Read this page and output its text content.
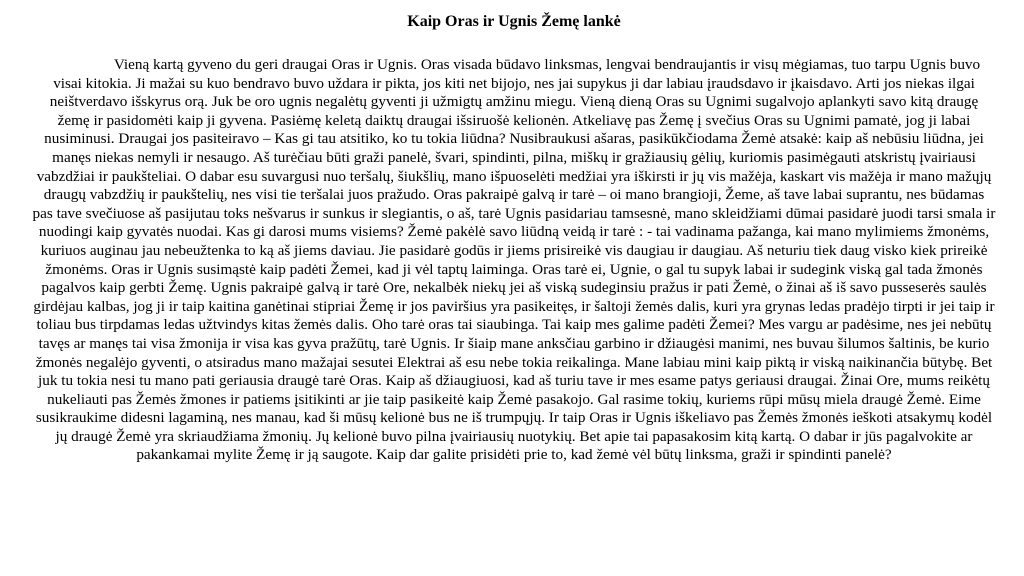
Kaip Oras ir Ugnis Žemę lankė

Vieną kartą gyveno du geri draugai Oras ir Ugnis. Oras visada būdavo linksmas, lengvai bendraujantis ir visų mėgiamas, tuo tarpu Ugnis buvo visai kitokia. Ji mažai su kuo bendravo buvo uždara ir pikta, jos kiti net bijojo, nes jai supykus ji dar labiau įraudsdavo ir įkaisdavo. Arti jos niekas ilgai neištverdavo išskyrus orą. Juk be oro ugnis negalėtų gyventi ji užmigtų amžinu miegu. Vieną dieną Oras su Ugnimi sugalvojo aplankyti savo kitą draugę žemę ir pasidomėti kaip ji gyvena. Pasiėmę keletą daiktų draugai išsiruošė kelionėn. Atkeliavę pas Žemę į svečius Oras su Ugnimi pamatė, jog ji labai nusiminusi. Draugai jos pasiteiravo – Kas gi tau atsitiko, ko tu tokia liūdna? Nusibraukusi ašaras, pasikūkčiodama Žemė atsakė: kaip aš nebūsiu liūdna, jei manęs niekas nemyli ir nesaugo. Aš turėčiau būti graži panelė, švari, spindinti, pilna, miškų ir gražiausių gėlių, kuriomis pasimėgauti atskristų įvairiausi vabzdžiai ir paukšteliai. O dabar esu suvargusi nuo teršalų, šiukšlių, mano išpuoselėti medžiai yra iškirsti ir jų vis mažėja, kaskart vis mažėja ir mano mažųjų draugų vabzdžių ir paukštelių, nes visi tie teršalai juos pražudo. Oras pakraipė galvą ir tarė – oi mano brangioji, Žeme, aš tave labai suprantu, nes būdamas pas tave svečiuose aš pasijutau toks nešvarus ir sunkus ir slegiantis, o aš, tarė Ugnis pasidariau tamsesnė, mano skleidžiami dūmai pasidarė juodi tarsi smala ir nuodingi kaip gyvatės nuodai. Kas gi darosi mums visiems? Žemė pakėlė savo liūdną veidą ir tarė : - tai vadinama pažanga, kai mano mylimiems žmonėms, kuriuos auginau jau nebeužtenka to ką aš jiems daviau. Jie pasidarė godūs ir jiems prisireikė vis daugiau ir daugiau. Aš neturiu tiek daug visko kiek prireikė žmonėms. Oras ir Ugnis susimąstė kaip padėti Žemei, kad ji vėl taptų laiminga. Oras tarė ei, Ugnie, o gal tu supyk labai ir sudegink viską gal tada žmonės pagalvos kaip gerbti Žemę. Ugnis pakraipė galvą ir tarė Ore, nekalbėk niekų jei aš viską sudeginsiu pražus ir pati Žemė, o žinai aš iš savo pusseserės saulės girdėjau kalbas, jog ji ir taip kaitina ganėtinai stipriai Žemę ir jos paviršius yra pasikeitęs, ir šaltoji žemės dalis, kuri yra grynas ledas pradėjo tirpti ir jei taip ir toliau bus tirpdamas ledas užtvindys kitas žemės dalis. Oho tarė oras tai siaubinga. Tai kaip mes galime padėti Žemei? Mes vargu ar padėsime, nes jei nebūtų tavęs ar manęs tai visa žmonija ir visa kas gyva pražūtų, tarė Ugnis. Ir šiaip mane anksčiau garbino ir džiaugėsi manimi, nes buvau šilumos šaltinis, be kurio žmonės negalėjo gyventi, o atsiradus mano mažajai sesutei Elektrai aš esu nebe tokia reikalinga. Mane labiau mini kaip piktą ir viską naikinančia būtybę. Bet juk tu tokia nesi tu mano pati geriausia draugė tarė Oras. Kaip aš džiaugiuosi, kad aš turiu tave ir mes esame patys geriausi draugai. Žinai Ore, mums reikėtų nukeliauti pas Žemės žmones ir patiems įsitikinti ar jie taip pasikeitė kaip Žemė pasakojo. Gal rasime tokių, kuriems rūpi mūsų miela draugė Žemė. Eime susikraukime didesni lagaminą, nes manau, kad ši mūsų kelionė bus ne iš trumpųjų. Ir taip Oras ir Ugnis iškeliavo pas Žemės žmonės ieškoti atsakymų kodėl jų draugė Žemė yra skriaudžiama žmonių. Jų kelionė buvo pilna įvairiausių nuotykių. Bet apie tai papasakosim kitą kartą. O dabar ir jūs pagalvokite ar pakankamai mylite Žemę ir ją saugote. Kaip dar galite prisidėti prie to, kad žemė vėl būtų linksma, graži ir spindinti panelė?
